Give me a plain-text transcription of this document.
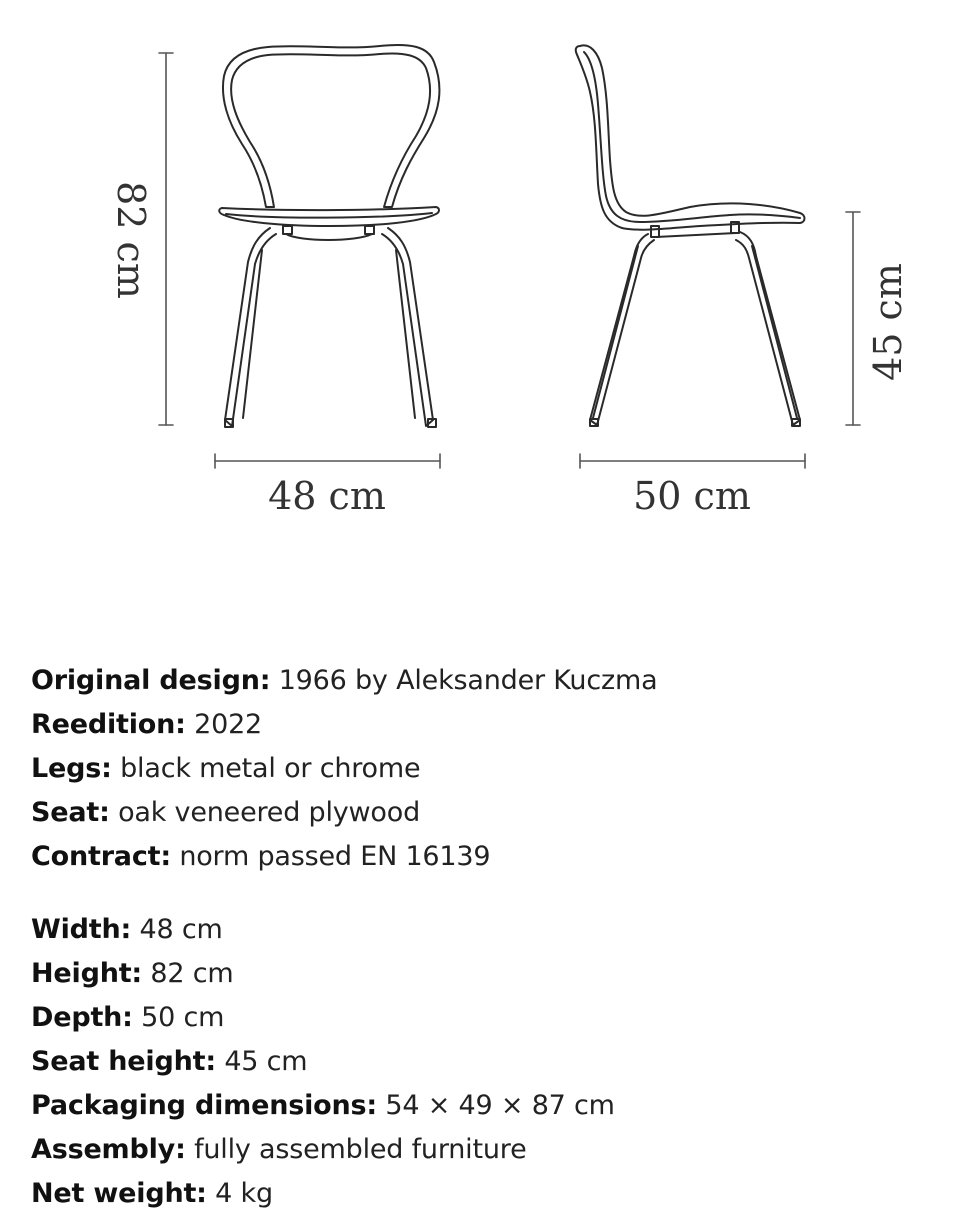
82 cm
48 cm	50 cm
45 cm
Original design: 1966 by Aleksander Kuczma
Reedition: 2022
Legs: black metal or chrome
Seat: oak veneered plywood
Contract: norm passed EN 16139
Width: 48 cm
Height: 82 cm
Depth: 50 cm
Seat height: 45 cm
Packaging dimensions: 54 × 49 × 87 cm
Assembly: fully assembled furniture
Net weight: 4 kg
